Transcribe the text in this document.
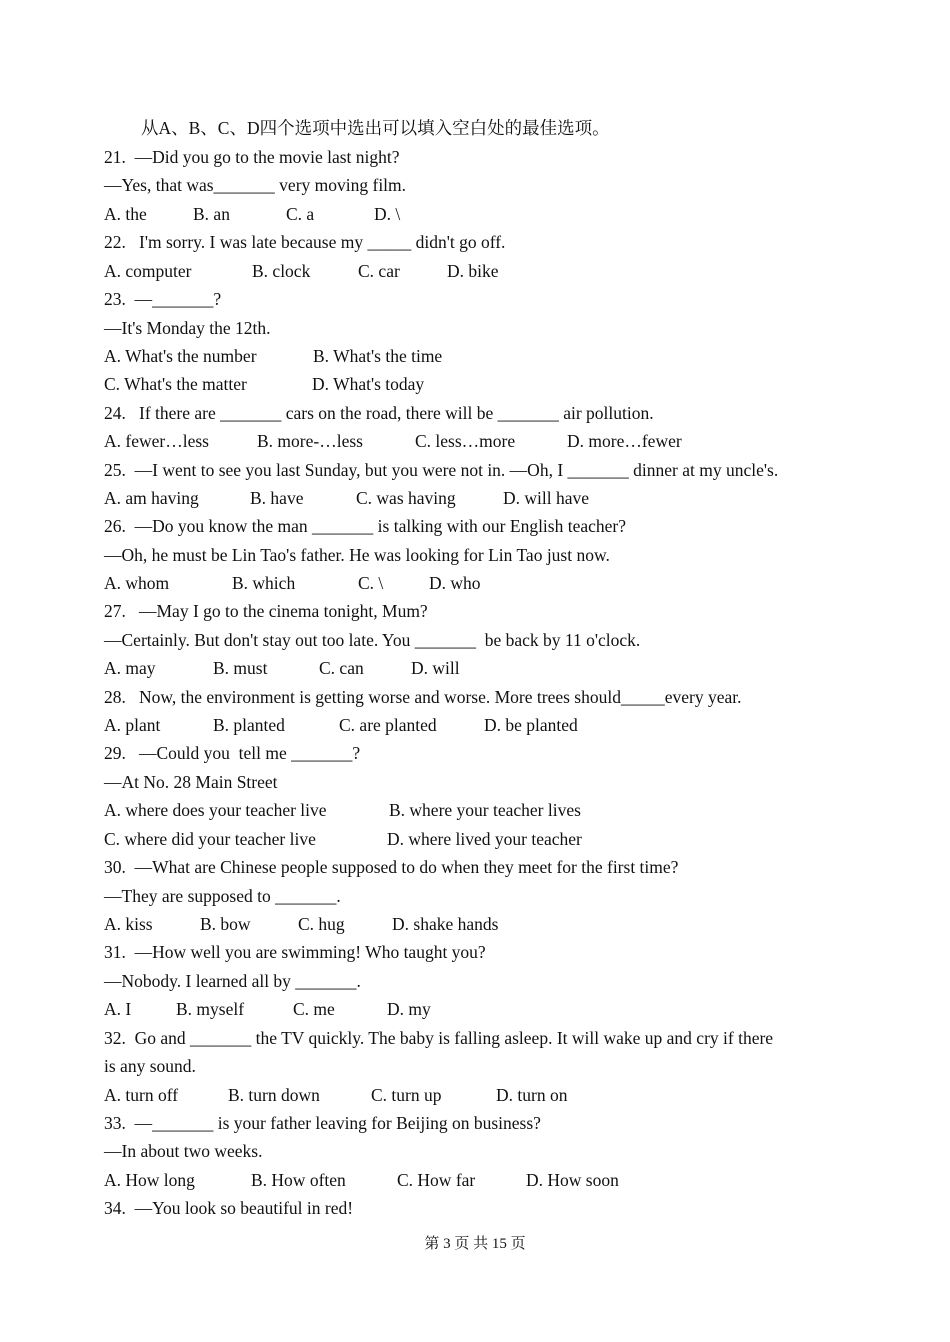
从A、B、C、D四个选项中选出可以填入空白处的最佳选项。
21.  —Did you go to the movie last night?
—Yes, that was_______ very moving film.
A. the	B. an	C. a	D. \
22.   I'm sorry. I was late because my _____ didn't go off.
A. computer	B. clock	C. car	D. bike
23.  —_______?
—It's Monday the 12th.
A. What's the number	B. What's the time
C. What's the matter	D. What's today
24.   If there are _______ cars on the road, there will be _______ air pollution.
A. fewer…less	B. more-…less	C. less…more	D. more…fewer
25.  —I went to see you last Sunday, but you were not in. —Oh, I _______ dinner at my uncle's.
A. am having	B. have	C. was having	D. will have
26.  —Do you know the man _______ is talking with our English teacher?
—Oh, he must be Lin Tao's father. He was looking for Lin Tao just now.
A. whom	B. which	C. \	D. who
27.   —May I go to the cinema tonight, Mum?
—Certainly. But don't stay out too late. You _______  be back by 11 o'clock.
A. may	B. must	C. can	D. will
28.   Now, the environment is getting worse and worse. More trees should_____every year.
A. plant	B. planted	C. are planted	D. be planted
29.   —Could you  tell me _______?
—At No. 28 Main Street
A. where does your teacher live	B. where your teacher lives
C. where did your teacher live	D. where lived your teacher
30.  —What are Chinese people supposed to do when they meet for the first time?
—They are supposed to _______.
A. kiss	B. bow	C. hug	D. shake hands
31.  —How well you are swimming! Who taught you?
—Nobody. I learned all by _______.
A. I	B. myself	C. me	D. my
32.  Go and _______ the TV quickly. The baby is falling asleep. It will wake up and cry if there
is any sound.
A. turn off	B. turn down	C. turn up	D. turn on
33.  —_______ is your father leaving for Beijing on business?
—In about two weeks.
A. How long	B. How often	C. How far	D. How soon
34.  —You look so beautiful in red!
第 3 页 共 15 页
